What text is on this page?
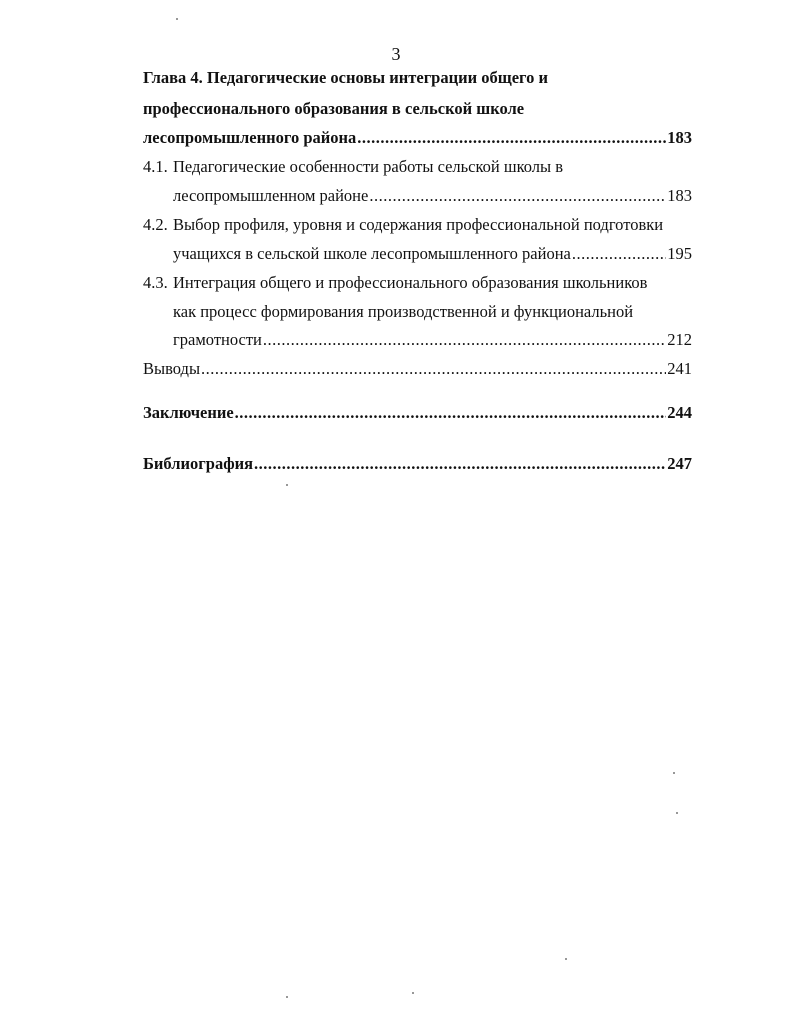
3
Глава 4. Педагогические основы интеграции общего и
профессионального образования в сельской школе
лесопромышленного района .....	183
4.1. Педагогические особенности работы сельской школы в
лесопромышленном районе .....	183
4.2. Выбор профиля, уровня и содержания профессиональной подготовки
учащихся в сельской школе лесопромышленного района .....	195
4.3. Интеграция общего и профессионального образования школьников
как процесс формирования производственной и функциональной
грамотности .....	212
Выводы .....	241
Заключение .....	244
Библиография .....	247
